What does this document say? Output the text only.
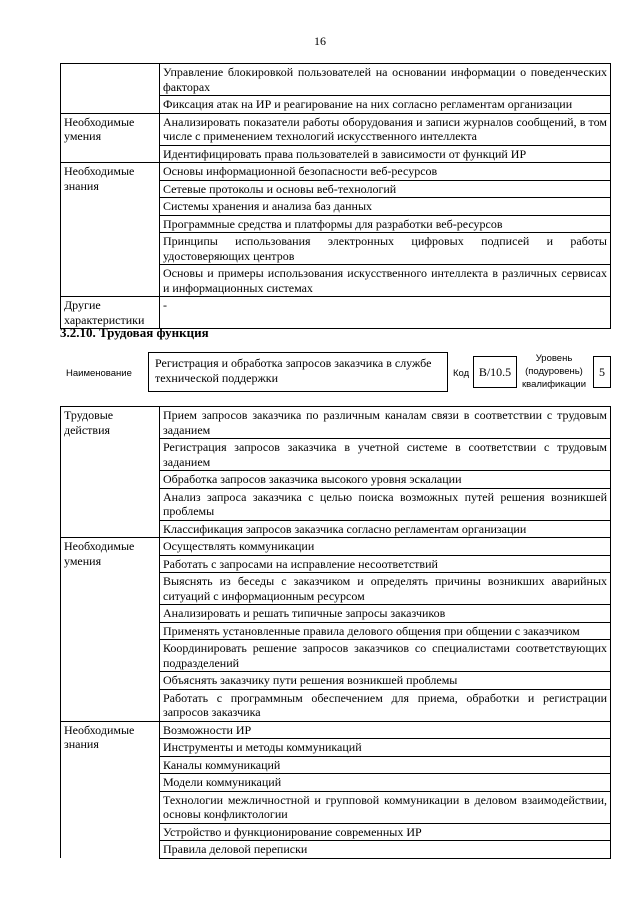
16
	Управление блокировкой пользователей на основании информации о поведенческих факторах
	Фиксация атак на ИР и реагирование на них согласно регламентам организации
Необходимые умения	Анализировать показатели работы оборудования и записи журналов сообщений, в том числе с применением технологий искусственного интеллекта
	Идентифицировать права пользователей в зависимости от функций ИР
Необходимые знания	Основы информационной безопасности веб-ресурсов
	Сетевые протоколы и основы веб-технологий
	Системы хранения и анализа баз данных
	Программные средства и платформы для разработки веб-ресурсов
	Принципы использования электронных цифровых подписей и работы удостоверяющих центров
	Основы и примеры использования искусственного интеллекта в различных сервисах и информационных системах
Другие характеристики	-
3.2.10. Трудовая функция
Наименование
Регистрация и обработка запросов заказчика в службе технической поддержки	Код B/10.5
Уровень (подуровень) квалификации
5
Трудовые действия	Прием запросов заказчика по различным каналам связи в соответствии с трудовым заданием
	Регистрация запросов заказчика в учетной системе в соответствии с трудовым заданием
	Обработка запросов заказчика высокого уровня эскалации
	Анализ запроса заказчика с целью поиска возможных путей решения возникшей проблемы
	Классификация запросов заказчика согласно регламентам организации
Необходимые умения	Осуществлять коммуникации
	Работать с запросами на исправление несоответствий
	Выяснять из беседы с заказчиком и определять причины возникших аварийных ситуаций с информационным ресурсом
	Анализировать и решать типичные запросы заказчиков
	Применять установленные правила делового общения при общении с заказчиком
	Координировать решение запросов заказчиков со специалистами соответствующих подразделений
	Объяснять заказчику пути решения возникшей проблемы
	Работать с программным обеспечением для приема, обработки и регистрации запросов заказчика
Необходимые знания	Возможности ИР
	Инструменты и методы коммуникаций
	Каналы коммуникаций
	Модели коммуникаций
	Технологии межличностной и групповой коммуникации в деловом взаимодействии, основы конфликтологии
	Устройство и функционирование современных ИР
	Правила деловой переписки
